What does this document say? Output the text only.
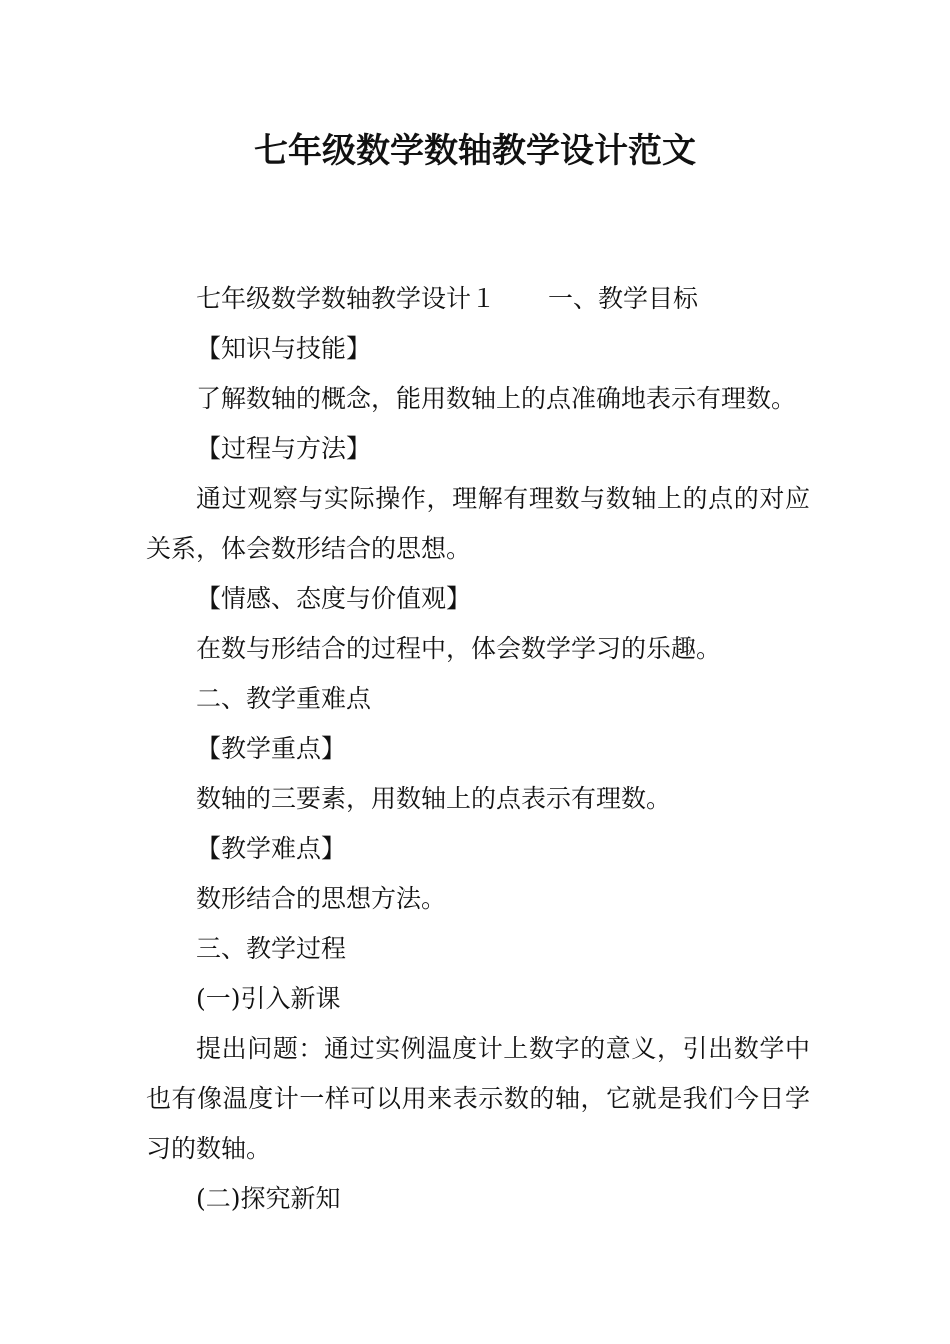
七年级数学数轴教学设计范文

七年级数学数轴教学设计１ 一、教学目标

【知识与技能】

了解数轴的概念，能用数轴上的点准确地表示有理数。

【过程与方法】

通过观察与实际操作，理解有理数与数轴上的点的对应关系，体会数形结合的思想。

【情感、态度与价值观】

在数与形结合的过程中，体会数学学习的乐趣。

二、教学重难点

【教学重点】

数轴的三要素，用数轴上的点表示有理数。

【教学难点】

数形结合的思想方法。

三、教学过程

(一)引入新课

提出问题：通过实例温度计上数字的意义，引出数学中也有像温度计一样可以用来表示数的轴，它就是我们今日学习的数轴。

(二)探究新知
